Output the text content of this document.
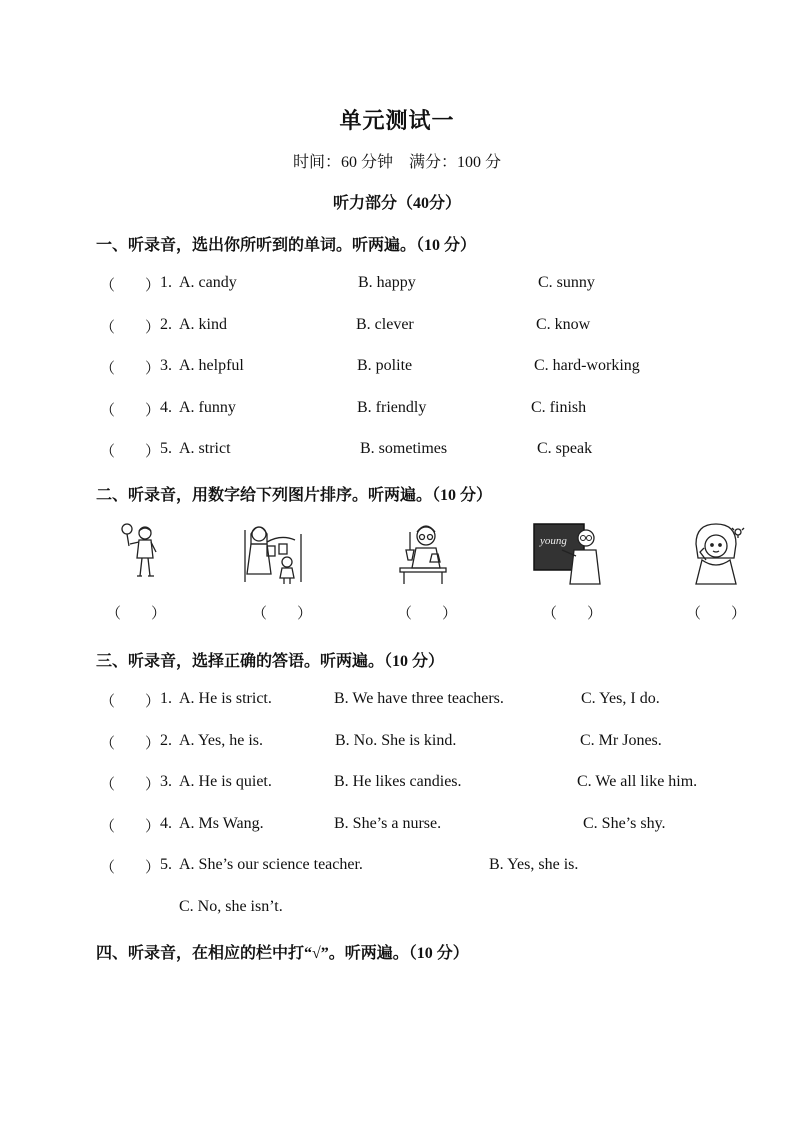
单元测试一
时间：60 分钟　满分：100 分
听力部分（40分）
一、听录音，选出你所听到的单词。听两遍。（10 分）
（　　） 1. A. candy	B. happy	C. sunny
（　　） 2. A. kind	B. clever	C. know
（　　） 3. A. helpful	B. polite	C. hard-working
（　　） 4. A. funny	B. friendly	C. finish
（　　） 5. A. strict	B. sometimes	C. speak
二、听录音，用数字给下列图片排序。听两遍。（10 分）
young
（　　）	（　　）	（　　）	（　　）	（　　）
三、听录音，选择正确的答语。听两遍。（10 分）
（　　） 1. A. He is strict.	B. We have three teachers.	C. Yes, I do.
（　　） 2. A. Yes, he is.	B. No. She is kind.	C. Mr Jones.
（　　） 3. A. He is quiet.	B. He likes candies.	C. We all like him.
（　　） 4. A. Ms Wang.	B. She’s a nurse.	C. She’s shy.
（　　） 5. A. She’s our science teacher.	B. Yes, she is.
C. No, she isn’t.
四、听录音，在相应的栏中打“√”。听两遍。（10 分）
